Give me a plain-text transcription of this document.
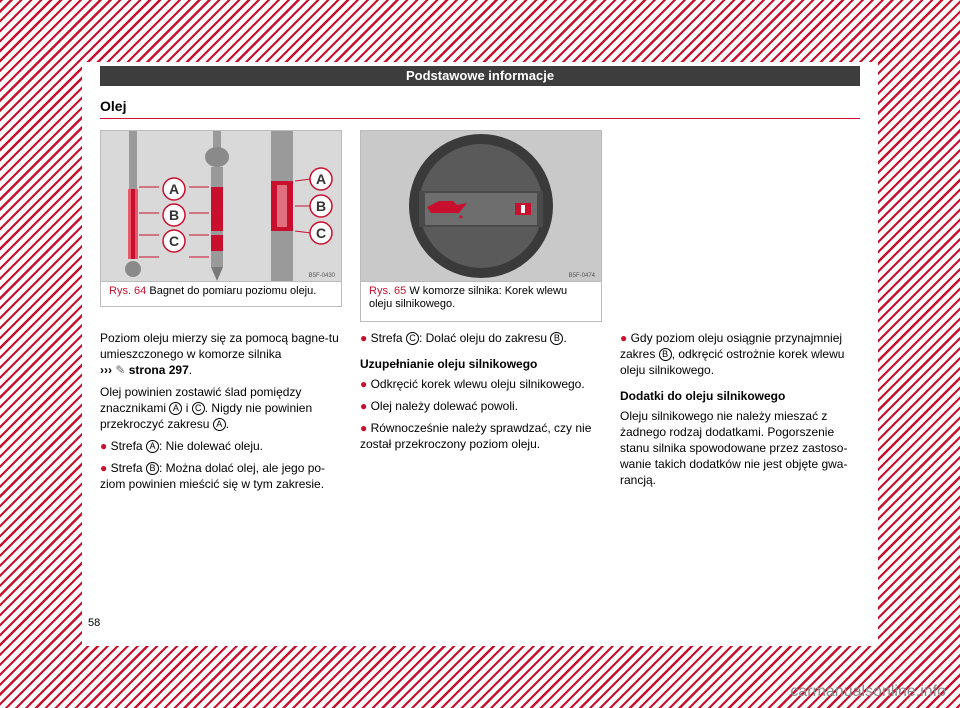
Podstawowe informacje
Olej
A
B
C
A
B
C
B5F-0430
Rys. 64 Bagnet do pomiaru poziomu oleju.
B5F-0474
Rys. 65 W komorze silnika: Korek wlewu oleju silnikowego.

Poziom oleju mierzy się za pomocą bagne-tu umieszczonego w komorze silnika
››› ✎ strona 297.

Olej powinien zostawić ślad pomiędzy znacznikami A i C . Nigdy nie powinien przekroczyć zakresu A .

● Strefa A : Nie dolewać oleju.
● Strefa B : Można dolać olej, ale jego po-ziom powinien mieścić się w tym zakresie.
● Strefa C : Dolać oleju do zakresu B .
Uzupełnianie oleju silnikowego
● Odkręcić korek wlewu oleju silnikowego.
● Olej należy dolewać powoli.
● Równocześnie należy sprawdzać, czy nie został przekroczony poziom oleju.
● Gdy poziom oleju osiągnie przynajmniej zakres B , odkręcić ostrożnie korek wlewu oleju silnikowego.
Dodatki do oleju silnikowego

Oleju silnikowego nie należy mieszać z żadnego rodzaj dodatkami. Pogorszenie stanu silnika spowodowane przez zastoso-wanie takich dodatków nie jest objęte gwa-rancją.

58
carmanualsonline.info
